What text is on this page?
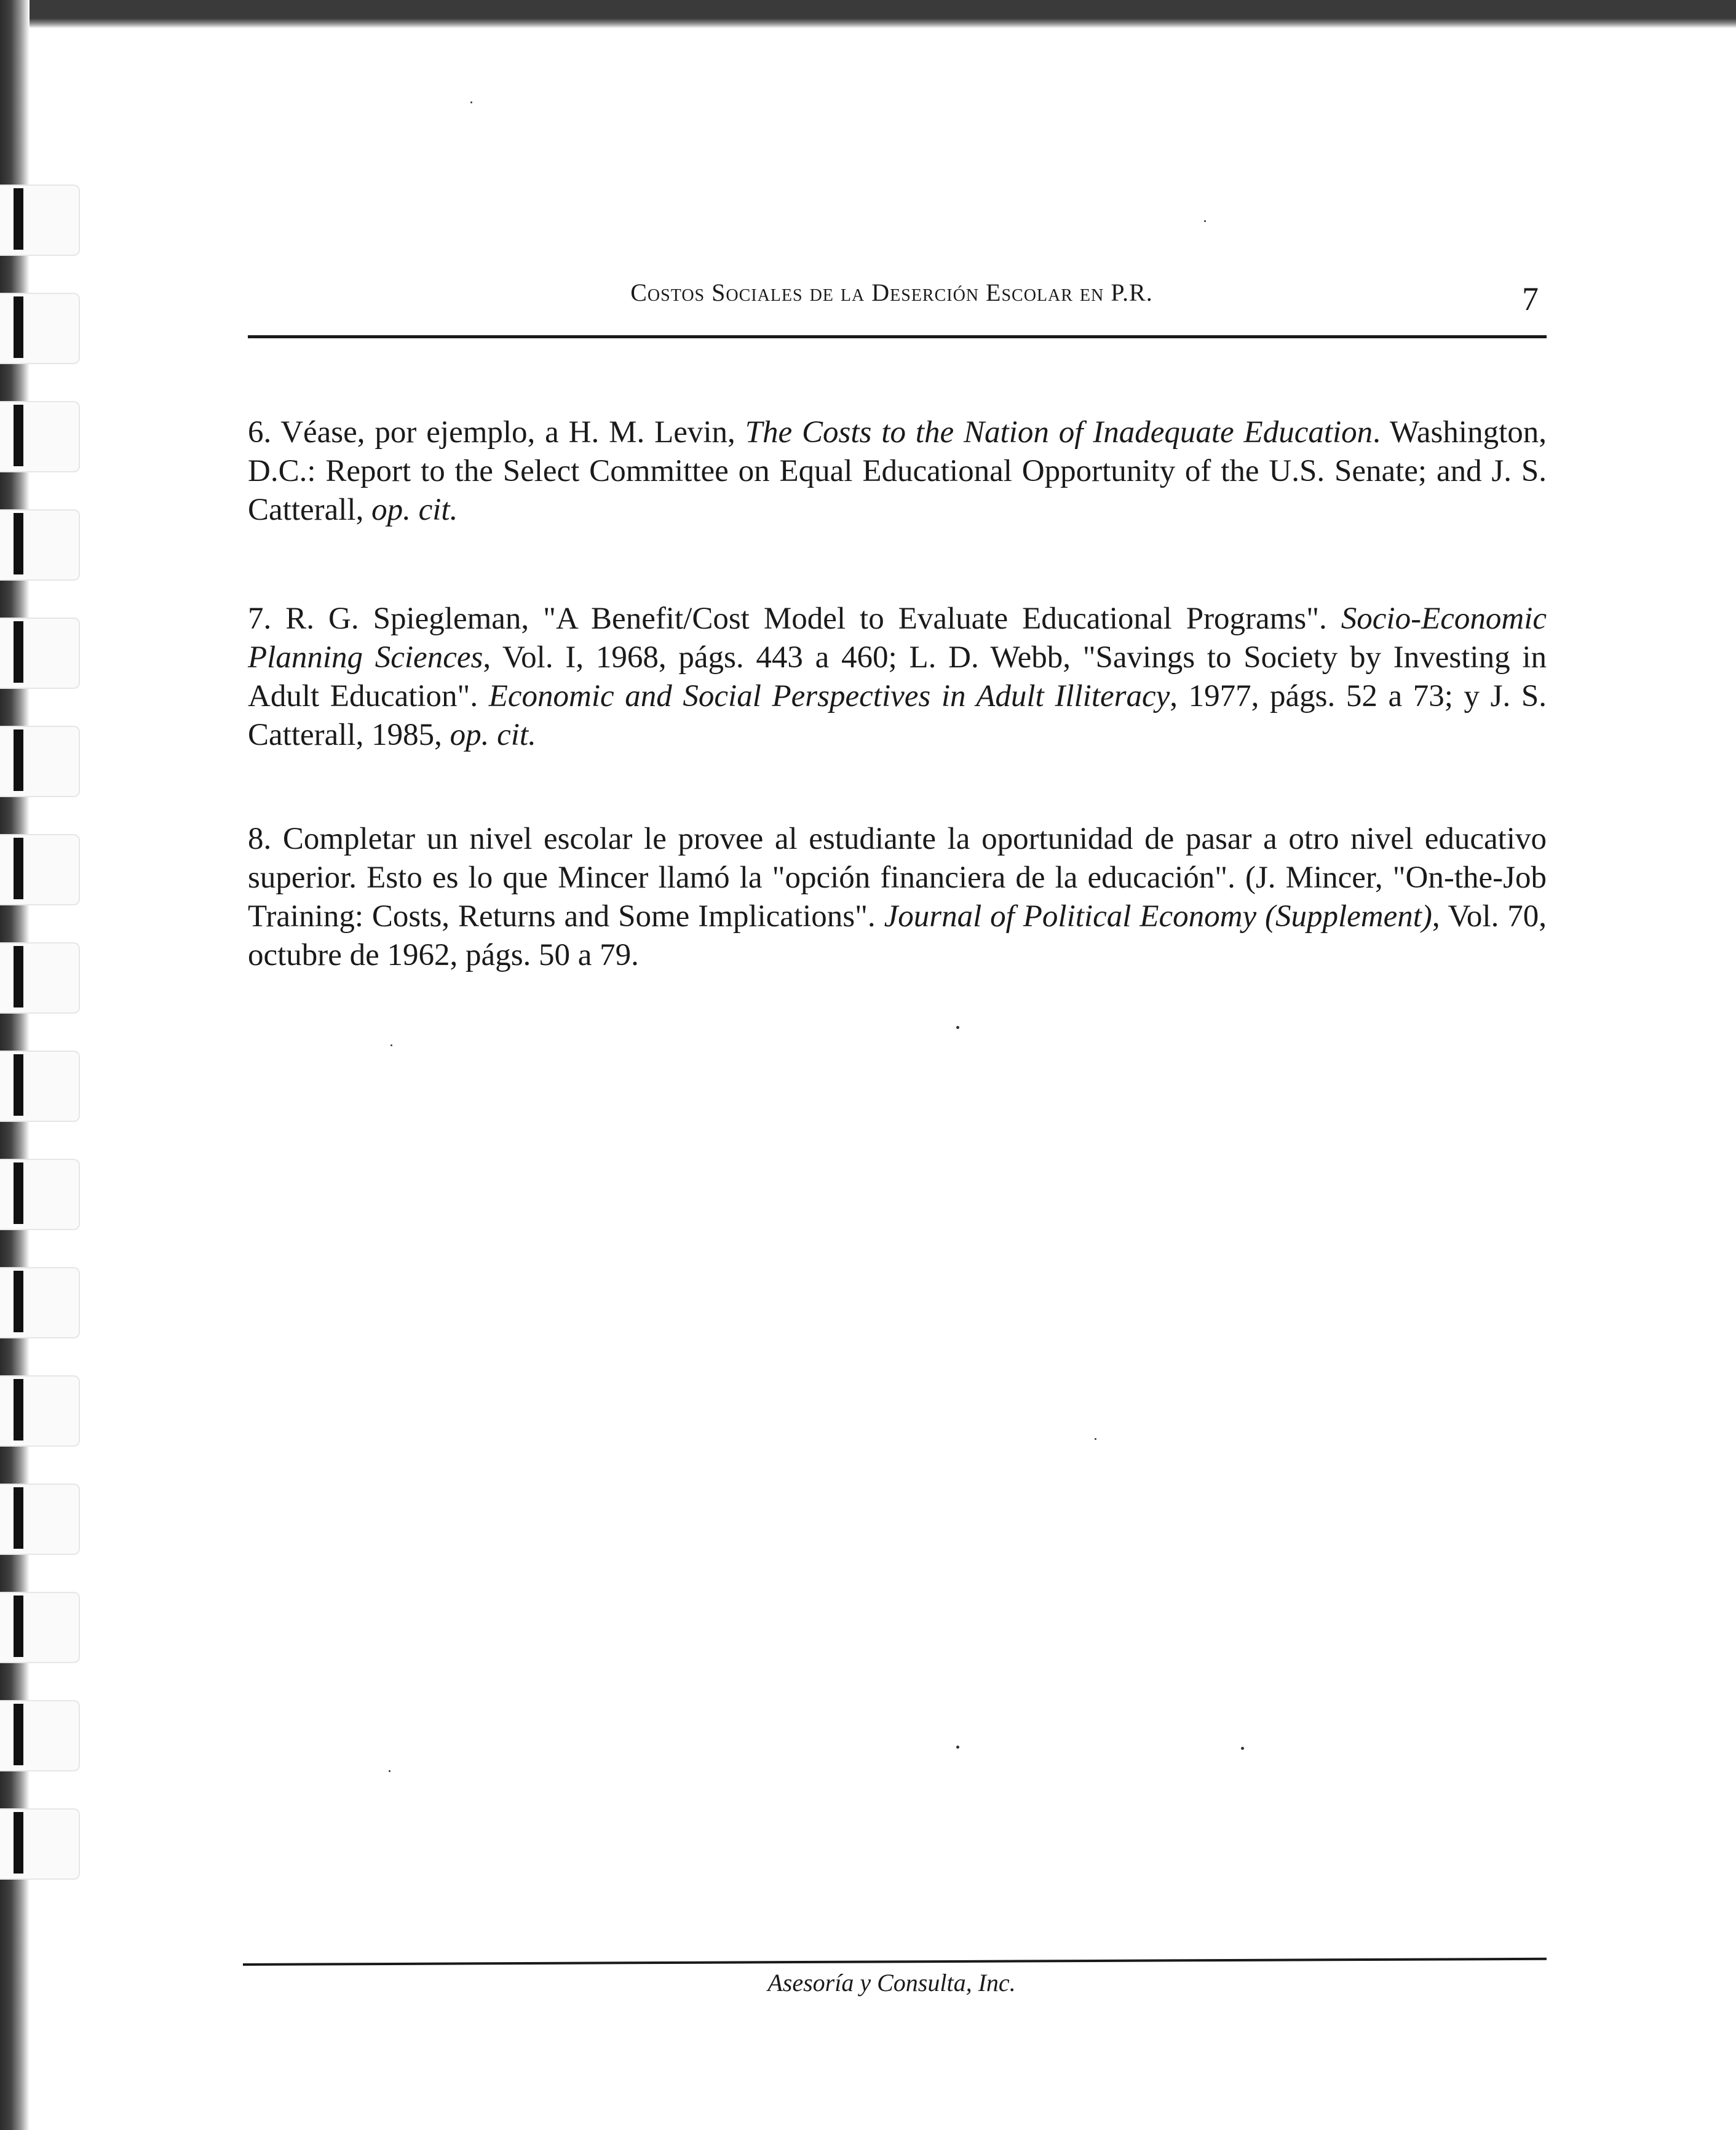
Costos Sociales de la Deserción Escolar en P.R.	7
6. Véase, por ejemplo, a H. M. Levin, The Costs to the Nation of Inadequate Education. Washington, D.C.: Report to the Select Committee on Equal Educational Opportunity of the U.S. Senate; and J. S. Catterall, op. cit.
7. R. G. Spiegleman, "A Benefit/Cost Model to Evaluate Educational Programs". Socio-Economic Planning Sciences, Vol. I, 1968, págs. 443 a 460; L. D. Webb, "Savings to Society by Investing in Adult Education". Economic and Social Perspectives in Adult Illiteracy, 1977, págs. 52 a 73; y J. S. Catterall, 1985, op. cit.
8. Completar un nivel escolar le provee al estudiante la oportunidad de pasar a otro nivel educativo superior. Esto es lo que Mincer llamó la "opción financiera de la educación". (J. Mincer, "On-the-Job Training: Costs, Returns and Some Implications". Journal of Political Economy (Supplement), Vol. 70, octubre de 1962, págs. 50 a 79.
Asesoría y Consulta, Inc.
